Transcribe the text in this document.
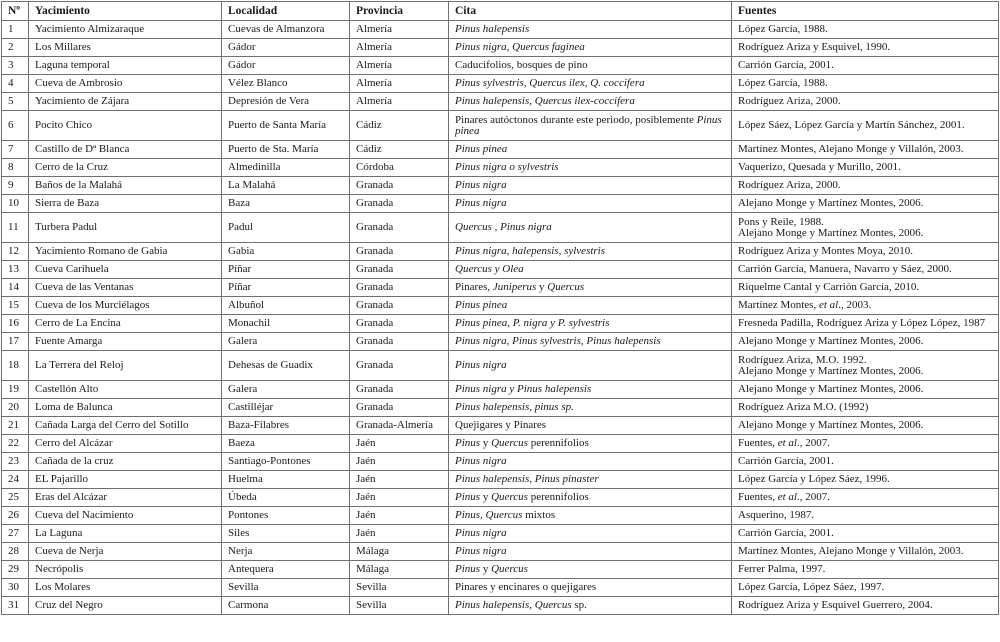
Nº	Yacimiento	Localidad	Provincia	Cita	Fuentes
1	Yacimiento Almizaraque	Cuevas de Almanzora	Almería	Pinus halepensis	López García, 1988.
2	Los Millares	Gádor	Almería	Pinus nigra, Quercus faginea	Rodríguez Ariza y Esquivel, 1990.
3	Laguna temporal	Gádor	Almería	Caducifolios, bosques de pino	Carrión García, 2001.
4	Cueva de Ambrosio	Vélez Blanco	Almería	Pinus sylvestris, Quercus ilex, Q. coccifera	López García, 1988.
5	Yacimiento de Zájara	Depresión de Vera	Almería	Pinus halepensis, Quercus ilex-coccifera	Rodríguez Ariza, 2000.
6	Pocito Chico	Puerto de Santa María	Cádiz	Pinares autóctonos durante este periodo, posiblemente Pinus pinea	López Sáez, López García y Martín Sánchez, 2001.
7	Castillo de Dª Blanca	Puerto de Sta. María	Cádiz	Pinus pinea	Martínez Montes, Alejano Monge y Villalón, 2003.
8	Cerro de la Cruz	Almedinilla	Córdoba	Pinus nigra o sylvestris	Vaquerizo, Quesada y Murillo, 2001.
9	Baños de la Malahá	La Malahá	Granada	Pinus nigra	Rodríguez Ariza, 2000.
10	Sierra de Baza	Baza	Granada	Pinus nigra	Alejano Monge y Martínez Montes, 2006.
11	Turbera Padul	Padul	Granada	Quercus , Pinus nigra	Pons y Reile, 1988.
Alejano Monge y Martínez Montes, 2006.

12	Yacimiento Romano de Gabia	Gabia	Granada	Pinus nigra, halepensis, sylvestris	Rodríguez Ariza y Montes Moya, 2010.
13	Cueva Carihuela	Píñar	Granada	Quercus y Olea	Carrión García, Manuera, Navarro y Sáez, 2000.
14	Cueva de las Ventanas	Píñar	Granada	Pinares, Juniperus y Quercus	Riquelme Cantal y Carrión García, 2010.
15	Cueva de los Murciélagos	Albuñol	Granada	Pinus pinea	Martínez Montes, et al., 2003.
16	Cerro de La Encina	Monachil	Granada	Pinus pinea, P. nigra y P. sylvestris	Fresneda Padilla, Rodríguez Ariza y López López, 1987
17	Fuente Amarga	Galera	Granada	Pinus nigra, Pinus sylvestris, Pinus halepensis	Alejano Monge y Martínez Montes, 2006.
18	La Terrera del Reloj	Dehesas de Guadix	Granada	Pinus nigra	Rodríguez Ariza, M.O. 1992.
Alejano Monge y Martínez Montes, 2006.

19	Castellón Alto	Galera	Granada	Pinus nigra y Pinus halepensis	Alejano Monge y Martínez Montes, 2006.
20	Loma de Baluncа	Castilléjar	Granada	Pinus halepensis, pinus sp.	Rodríguez Ariza M.O. (1992)
21	Cañada Larga del Cerro del Sotillo	Baza-Filabres	Granada-Almería	Quejigares y Pinares	Alejano Monge y Martínez Montes, 2006.
22	Cerro del Alcázar	Baeza	Jaén	Pinus y Quercus perennifolios	Fuentes, et al., 2007.
23	Cañada de la cruz	Santiago-Pontones	Jaén	Pinus nigra	Carrión García, 2001.
24	EL Pajarillo	Huelma	Jaén	Pinus halepensis, Pinus pinaster	López García y López Sáez, 1996.
25	Eras del Alcázar	Úbeda	Jaén	Pinus y Quercus perennifolios	Fuentes, et al., 2007.
26	Cueva del Nacimiento	Pontones	Jaén	Pinus, Quercus mixtos	Asquerino, 1987.
27	La Laguna	Siles	Jaén	Pinus nigra	Carrión García, 2001.
28	Cueva de Nerja	Nerja	Málaga	Pinus nigra	Martínez Montes, Alejano Monge y Villalón, 2003.
29	Necrópolis	Antequera	Málaga	Pinus y Quercus	Ferrer Palma, 1997.
30	Los Molares	Sevilla	Sevilla	Pinares y encinares o quejigares	López García, López Sáez, 1997.
31	Cruz del Negro	Carmona	Sevilla	Pinus halepensis, Quercus sp.	Rodríguez Ariza y Esquivel Guerrero, 2004.
